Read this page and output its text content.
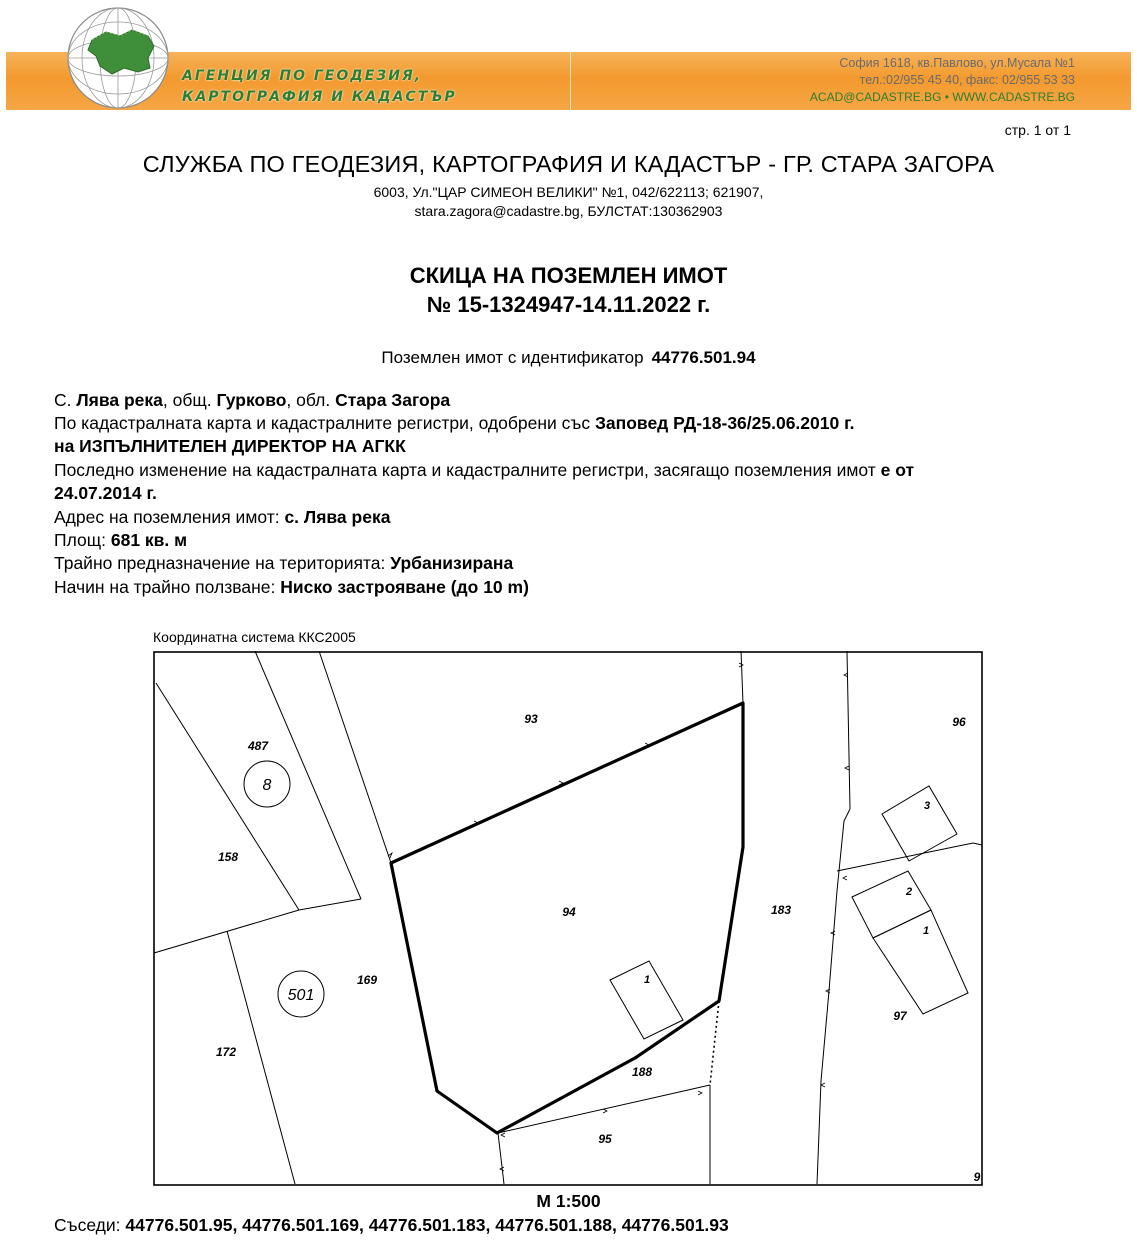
АГЕНЦИЯ ПО ГЕОДЕЗИЯ,
КАРТОГРАФИЯ И КАДАСТЪР
София 1618, кв.Павлово, ул.Мусала №1
тел.:02/955 45 40, факс: 02/955 53 33
ACAD@CADASTRE.BG • WWW.CADASTRE.BG
стр. 1 от 1
СЛУЖБА ПО ГЕОДЕЗИЯ, КАРТОГРАФИЯ И КАДАСТЪР - ГР. СТАРА ЗАГОРА
6003, Ул."ЦАР СИМЕОН ВЕЛИКИ" №1, 042/622113; 621907,
stara.zagora@cadastre.bg, БУЛСТАТ:130362903
СКИЦА НА ПОЗЕМЛЕН ИМОТ
№ 15-1324947-14.11.2022 г.
Поземлен имот с идентификатор 44776.501.94
С. Лява река, общ. Гурково, обл. Стара Загора
По кадастралната карта и кадастралните регистри, одобрени със Заповед РД-18-36/25.06.2010 г.
на ИЗПЪЛНИТЕЛЕН ДИРЕКТОР НА АГКК
Последно изменение на кадастралната карта и кадастралните регистри, засягащо поземления имот е от
24.07.2014 г.
Адрес на поземления имот: с. Лява река
Площ: 681 кв. м
Трайно предназначение на територията: Урбанизирана
Начин на трайно ползване: Ниско застрояване (до 10 m)
Координатна система ККС2005
8
501
93	96
487
158
94	183
169
172
188
95
97
9
1
3
2
1
М 1:500
Съседи: 44776.501.95, 44776.501.169, 44776.501.183, 44776.501.188, 44776.501.93
